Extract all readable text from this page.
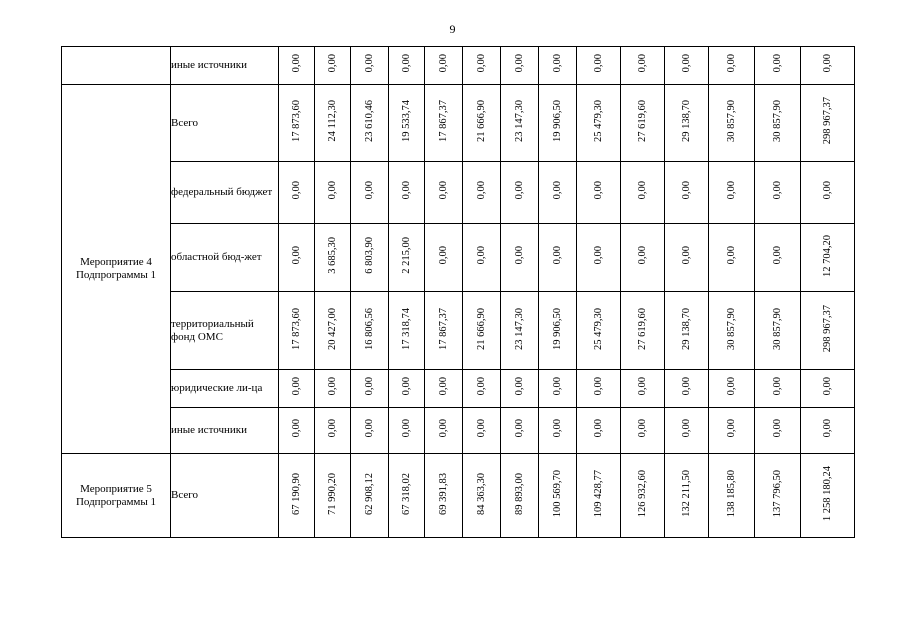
9
	иные источники	0,00	0,00	0,00	0,00	0,00	0,00	0,00	0,00	0,00	0,00	0,00	0,00	0,00	0,00
Мероприятие 4 Подпрограммы 1	Всего	17 873,60	24 112,30	23 610,46	19 533,74	17 867,37	21 666,90	23 147,30	19 906,50	25 479,30	27 619,60	29 138,70	30 857,90	30 857,90	298 967,37
	федеральный бюджет	0,00	0,00	0,00	0,00	0,00	0,00	0,00	0,00	0,00	0,00	0,00	0,00	0,00	0,00
	областной бюд-жет	0,00	3 685,30	6 803,90	2 215,00	0,00	0,00	0,00	0,00	0,00	0,00	0,00	0,00	0,00	12 704,20
	территориальный фонд ОМС	17 873,60	20 427,00	16 806,56	17 318,74	17 867,37	21 666,90	23 147,30	19 906,50	25 479,30	27 619,60	29 138,70	30 857,90	30 857,90	298 967,37
	юридические ли-ца	0,00	0,00	0,00	0,00	0,00	0,00	0,00	0,00	0,00	0,00	0,00	0,00	0,00	0,00
	иные источники	0,00	0,00	0,00	0,00	0,00	0,00	0,00	0,00	0,00	0,00	0,00	0,00	0,00	0,00
Мероприятие 5 Подпрограммы 1	Всего	67 190,90	71 990,20	62 908,12	67 318,02	69 391,83	84 363,30	89 893,00	100 569,70	109 428,77	126 932,60	132 211,50	138 185,80	137 796,50	1 258 180,24
